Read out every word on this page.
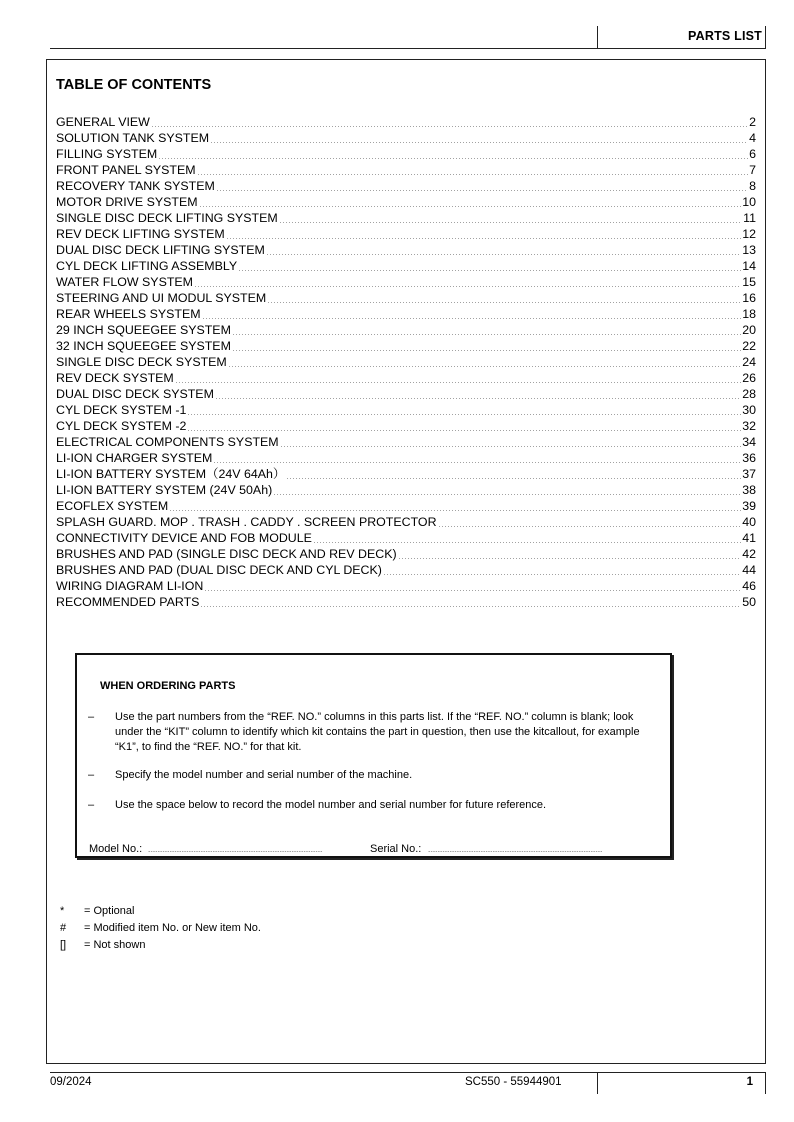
PARTS LIST
TABLE OF CONTENTS
GENERAL VIEW	2
SOLUTION TANK SYSTEM	4
FILLING SYSTEM	6
FRONT PANEL SYSTEM	7
RECOVERY TANK SYSTEM	8
MOTOR DRIVE SYSTEM	10
SINGLE DISC DECK LIFTING SYSTEM	11
REV DECK LIFTING SYSTEM	12
DUAL DISC DECK LIFTING SYSTEM	13
CYL DECK LIFTING ASSEMBLY	14
WATER FLOW SYSTEM	15
STEERING AND UI MODUL SYSTEM	16
REAR WHEELS SYSTEM	18
29 INCH SQUEEGEE SYSTEM	20
32 INCH SQUEEGEE SYSTEM	22
SINGLE DISC DECK SYSTEM	24
REV DECK SYSTEM	26
DUAL DISC DECK SYSTEM	28
CYL DECK SYSTEM -1	30
CYL DECK SYSTEM -2	32
ELECTRICAL COMPONENTS SYSTEM	34
LI-ION CHARGER SYSTEM	36
LI-ION BATTERY SYSTEM（24V 64Ah）	37
LI-ION BATTERY SYSTEM (24V 50Ah)	38
ECOFLEX SYSTEM	39
SPLASH GUARD. MOP . TRASH . CADDY . SCREEN PROTECTOR	40
CONNECTIVITY DEVICE AND FOB MODULE	41
BRUSHES AND PAD (SINGLE DISC DECK AND REV DECK)	42
BRUSHES AND PAD (DUAL DISC DECK AND CYL DECK)	44
WIRING DIAGRAM LI-ION	46
RECOMMENDED PARTS	50
WHEN ORDERING PARTS
– Use the part numbers from the “REF. NO.” columns in this parts list. If the “REF. NO.” column is blank; look under the “KIT” column to identify which kit contains the part in question, then use the kitcallout, for example “K1”, to find the “REF. NO.” for that kit.
– Specify the model number and serial number of the machine.
– Use the space below to record the model number and serial number for future reference.
Model No.:	Serial No.:
* = Optional
# = Modified item No. or New item No.
[] = Not shown
09/2024	SC550 - 55944901	1
